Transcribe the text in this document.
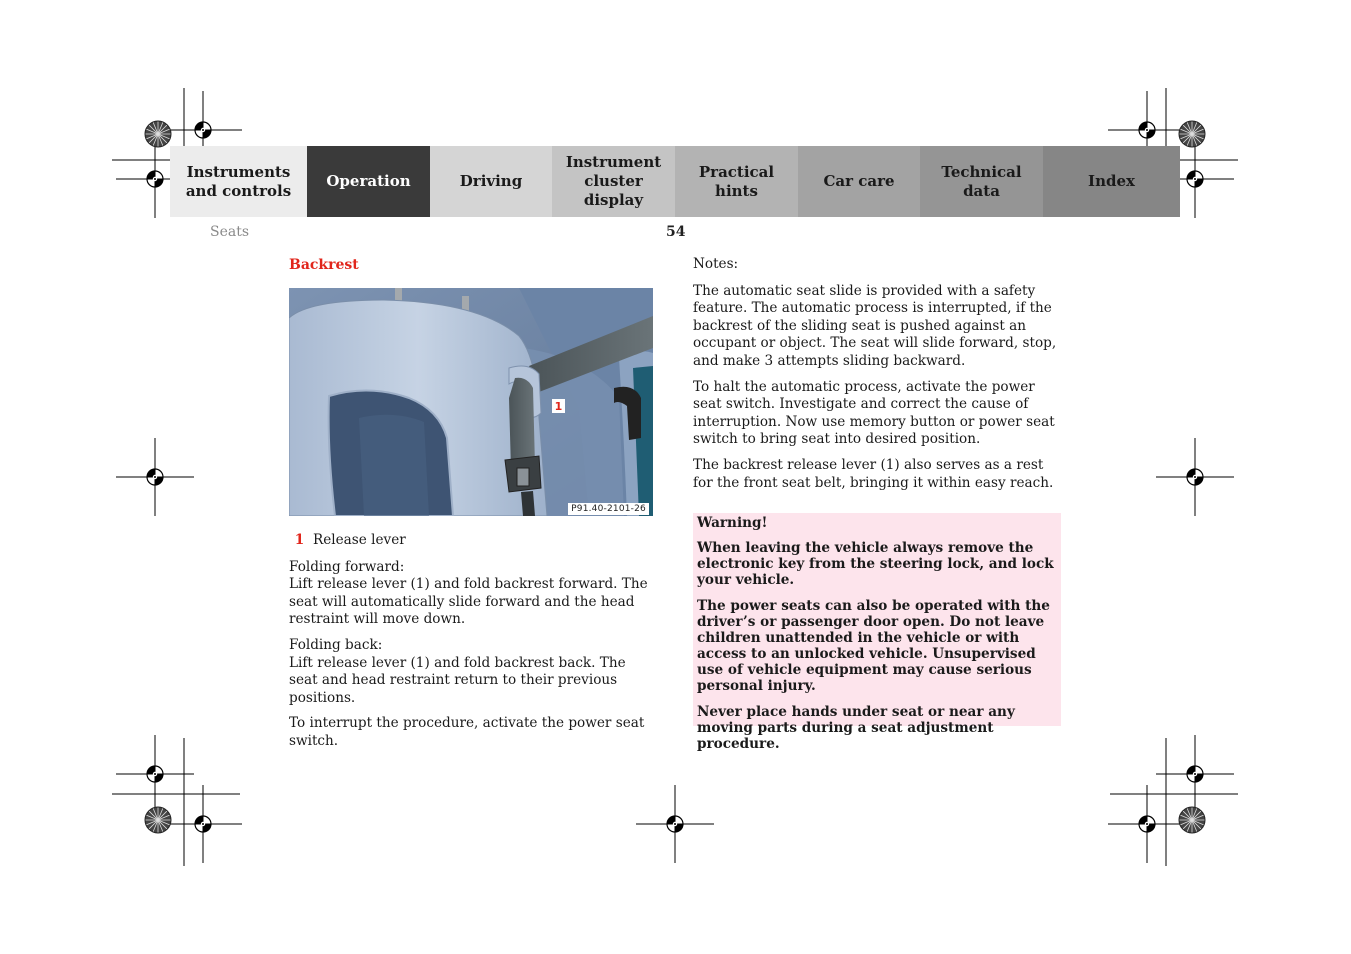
Instruments
and controls
Operation	Driving
Instrument
cluster display
Practical hints
Car care
Technical
data
Index
Seats	54
Backrest
1
P91.40-2101-26

1 Release lever

Folding forward:
Lift release lever (1) and fold backrest forward. The seat will automatically slide forward and the head restraint will move down.

Folding back:
Lift release lever (1) and fold backrest back. The seat and head restraint return to their previous positions.

To interrupt the procedure, activate the power seat switch.

Notes:

The automatic seat slide is provided with a safety feature. The automatic process is interrupted, if the backrest of the sliding seat is pushed against an occupant or object. The seat will slide forward, stop, and make 3 attempts sliding backward.

To halt the automatic process, activate the power seat switch. Investigate and correct the cause of interruption. Now use memory button or power seat switch to bring seat into desired position.

The backrest release lever (1) also serves as a rest for the front seat belt, bringing it within easy reach.

Warning!

When leaving the vehicle always remove the electronic key from the steering lock, and lock your vehicle.

The power seats can also be operated with the driver’s or passenger door open. Do not leave children unattended in the vehicle or with access to an unlocked vehicle. Unsupervised use of vehicle equipment may cause serious personal injury.

Never place hands under seat or near any moving parts during a seat adjustment procedure.
